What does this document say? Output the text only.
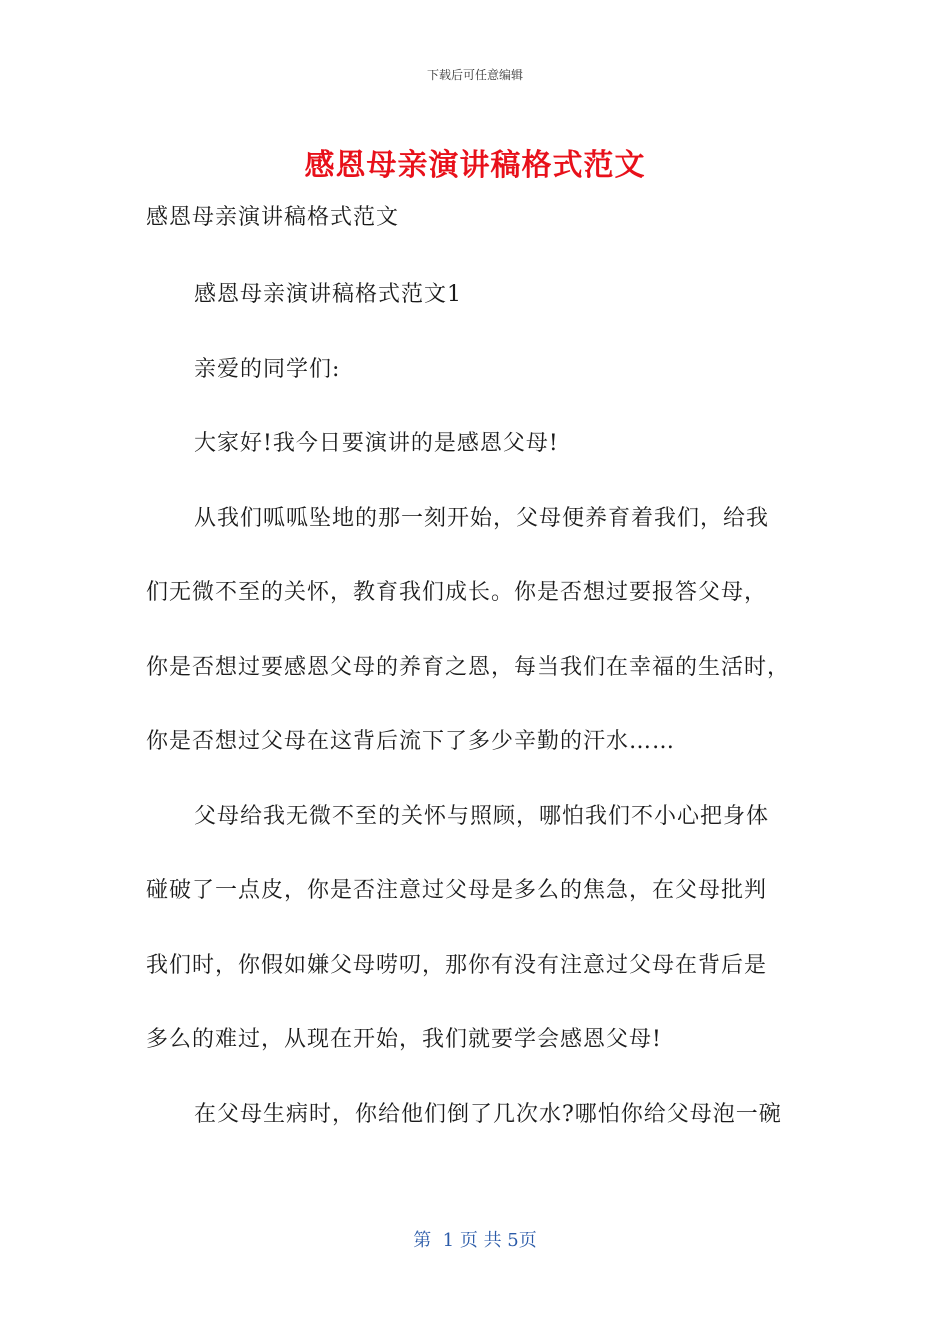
下载后可任意编辑
感恩母亲演讲稿格式范文
感恩母亲演讲稿格式范文
感恩母亲演讲稿格式范文1
亲爱的同学们:
大家好!我今日要演讲的是感恩父母!
从我们呱呱坠地的那一刻开始，父母便养育着我们，给我
们无微不至的关怀，教育我们成长。你是否想过要报答父母，
你是否想过要感恩父母的养育之恩，每当我们在幸福的生活时，
你是否想过父母在这背后流下了多少辛勤的汗水……
父母给我无微不至的关怀与照顾，哪怕我们不小心把身体
碰破了一点皮，你是否注意过父母是多么的焦急，在父母批判
我们时，你假如嫌父母唠叨，那你有没有注意过父母在背后是
多么的难过，从现在开始，我们就要学会感恩父母!
在父母生病时，你给他们倒了几次水?哪怕你给父母泡一碗
第  1 页 共 5页
